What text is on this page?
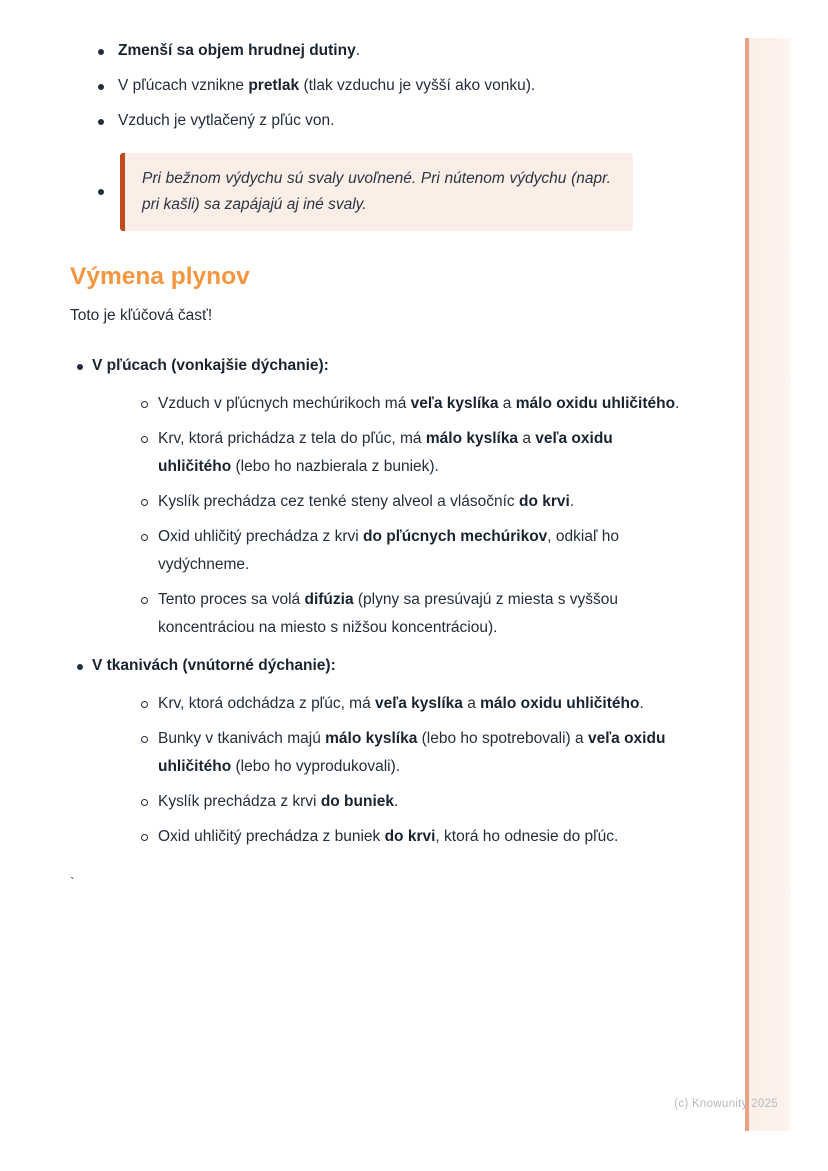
Zmenší sa objem hrudnej dutiny.
V pľúcach vznikne pretlak (tlak vzduchu je vyšší ako vonku).
Vzduch je vytlačený z pľúc von.
Pri bežnom výdychu sú svaly uvoľnené. Pri nútenom výdychu (napr. pri kašli) sa zapájajú aj iné svaly.
Výmena plynov

Toto je kľúčová časť!

V pľúcach (vonkajšie dýchanie):
Vzduch v pľúcnych mechúrikoch má veľa kyslíka a málo oxidu uhličitého.
Krv, ktorá prichádza z tela do pľúc, má málo kyslíka a veľa oxidu uhličitého (lebo ho nazbierala z buniek).
Kyslík prechádza cez tenké steny alveol a vlásočníc do krvi.
Oxid uhličitý prechádza z krvi do pľúcnych mechúrikov, odkiaľ ho vydýchneme.
Tento proces sa volá difúzia (plyny sa presúvajú z miesta s vyššou koncentráciou na miesto s nižšou koncentráciou).
V tkanivách (vnútorné dýchanie):
Krv, ktorá odchádza z pľúc, má veľa kyslíka a málo oxidu uhličitého.
Bunky v tkanivách majú málo kyslíka (lebo ho spotrebovali) a veľa oxidu uhličitého (lebo ho vyprodukovali).
Kyslík prechádza z krvi do buniek.
Oxid uhličitý prechádza z buniek do krvi, ktorá ho odnesie do pľúc.
`
(c) Knowunity 2025
